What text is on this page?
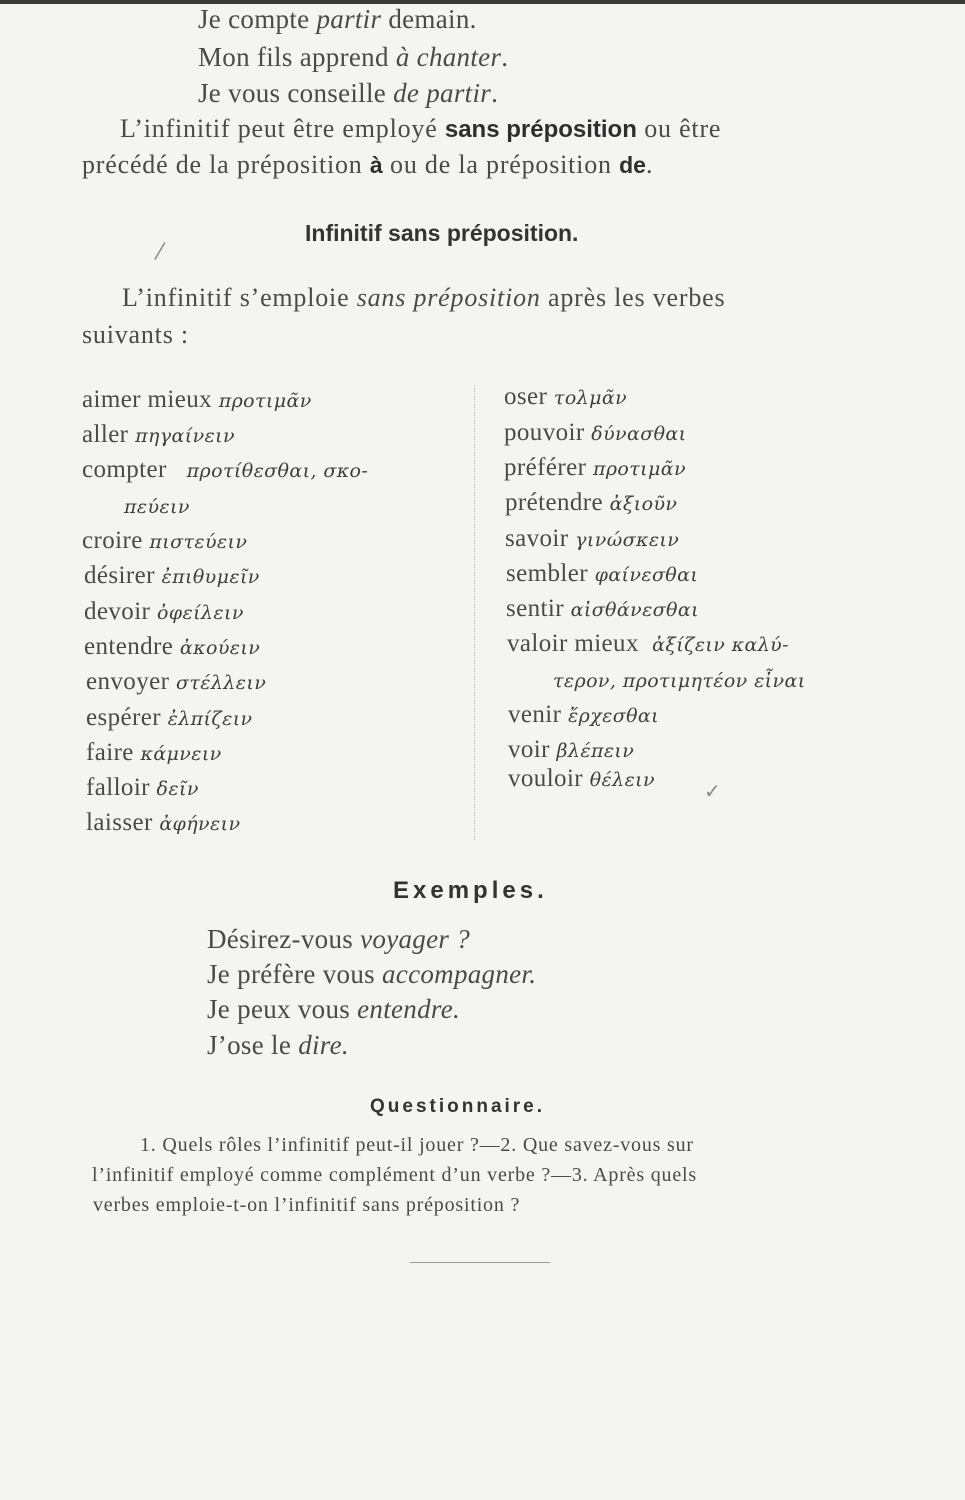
Je compte partir demain.
Mon fils apprend à chanter.
Je vous conseille de partir.
L’infinitif peut être employé sans préposition ou être
précédé de la préposition à ou de la préposition de.
Infinitif sans préposition.
⁄
L’infinitif s’emploie sans préposition après les verbes
suivants :
aimer mieux προτιμᾶν
aller πηγαίνειν
compter προτίθεσθαι, σκο-
πεύειν
croire πιστεύειν
désirer ἐπιθυμεῖν
devoir ὀφείλειν
entendre ἀκούειν
envoyer στέλλειν
espérer ἐλπίζειν
faire κάμνειν
falloir δεῖν
laisser ἀφήνειν
oser τολμᾶν
pouvoir δύνασθαι
préférer προτιμᾶν
prétendre ἀξιοῦν
savoir γινώσκειν
sembler φαίνεσθαι
sentir αἰσθάνεσθαι
valoir mieux ἀξίζειν καλύ-
τερον, προτιμητέον εἶναι
venir ἔρχεσθαι
voir βλέπειν
vouloir θέλειν ✓
Exemples.
Désirez-vous voyager ?
Je préfère vous accompagner.
Je peux vous entendre.
J’ose le dire.
Questionnaire.
1. Quels rôles l’infinitif peut-il jouer ?—2. Que savez-vous sur
l’infinitif employé comme complément d’un verbe ?—3. Après quels
verbes emploie-t-on l’infinitif sans préposition ?
